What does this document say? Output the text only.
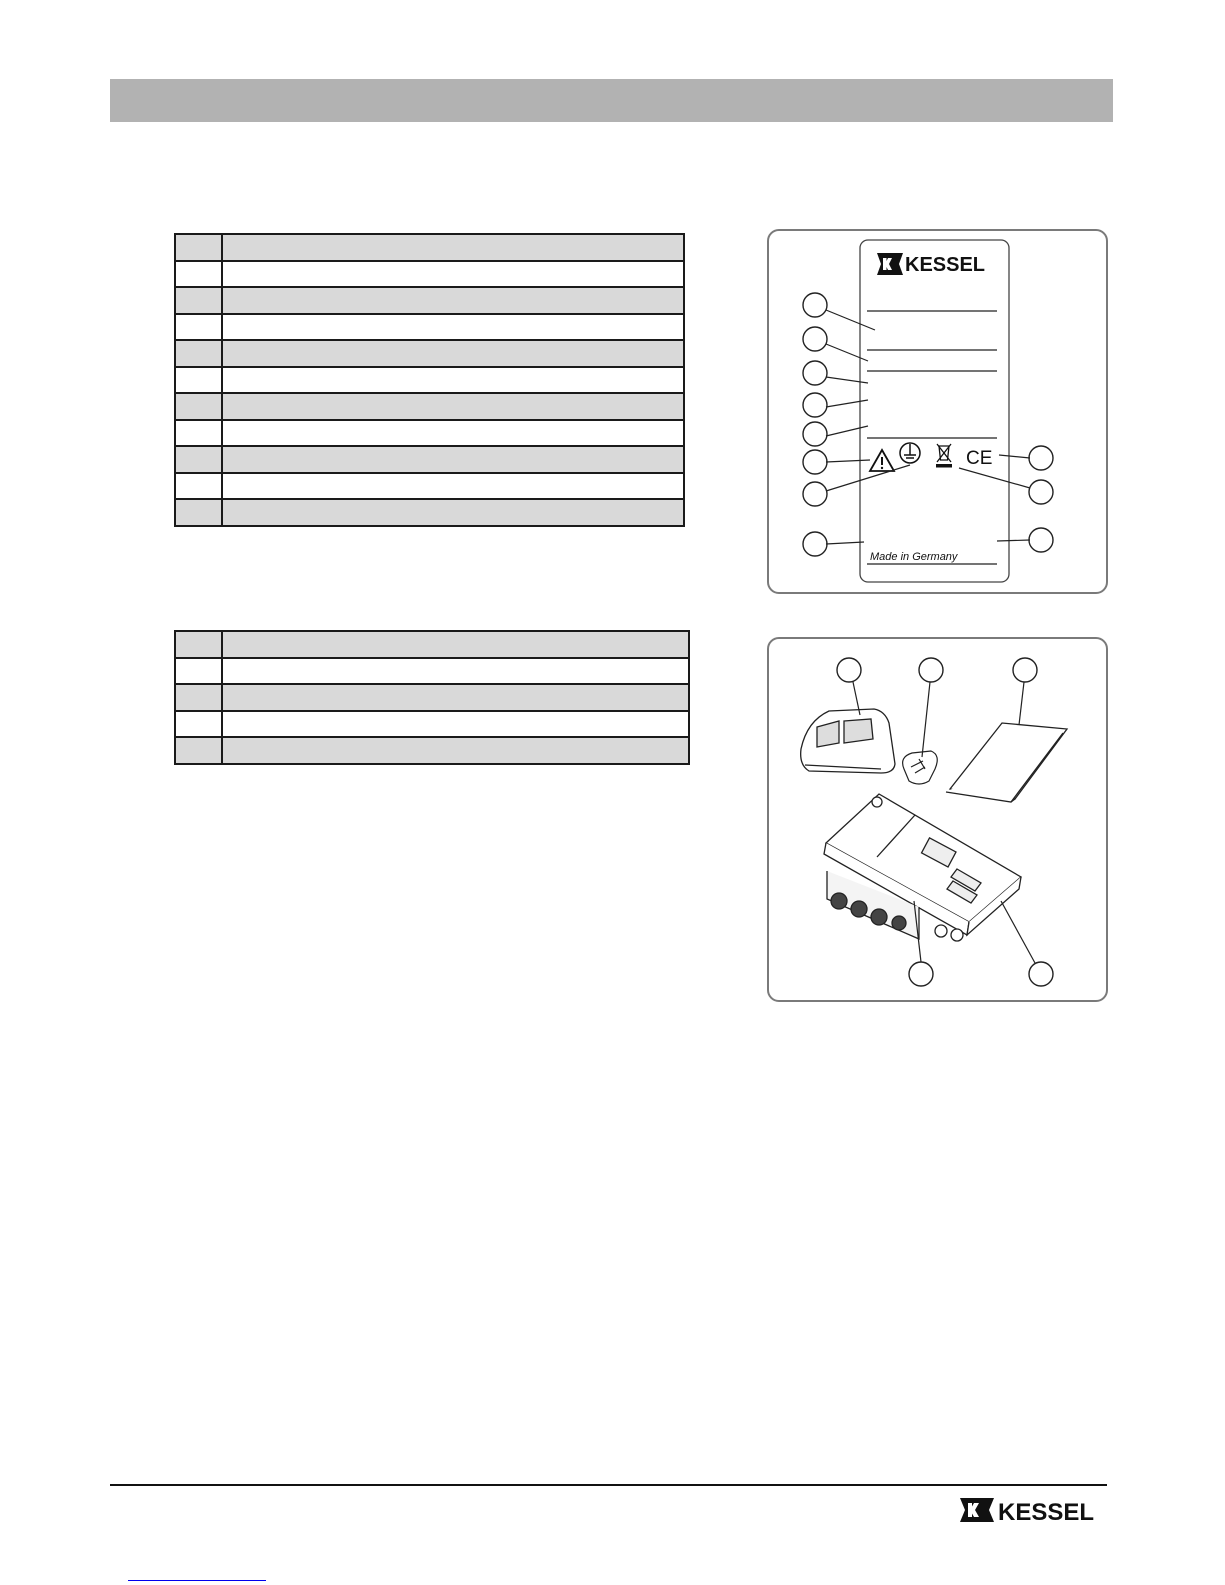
KESSEL
CE
Made in Germany
KESSEL
